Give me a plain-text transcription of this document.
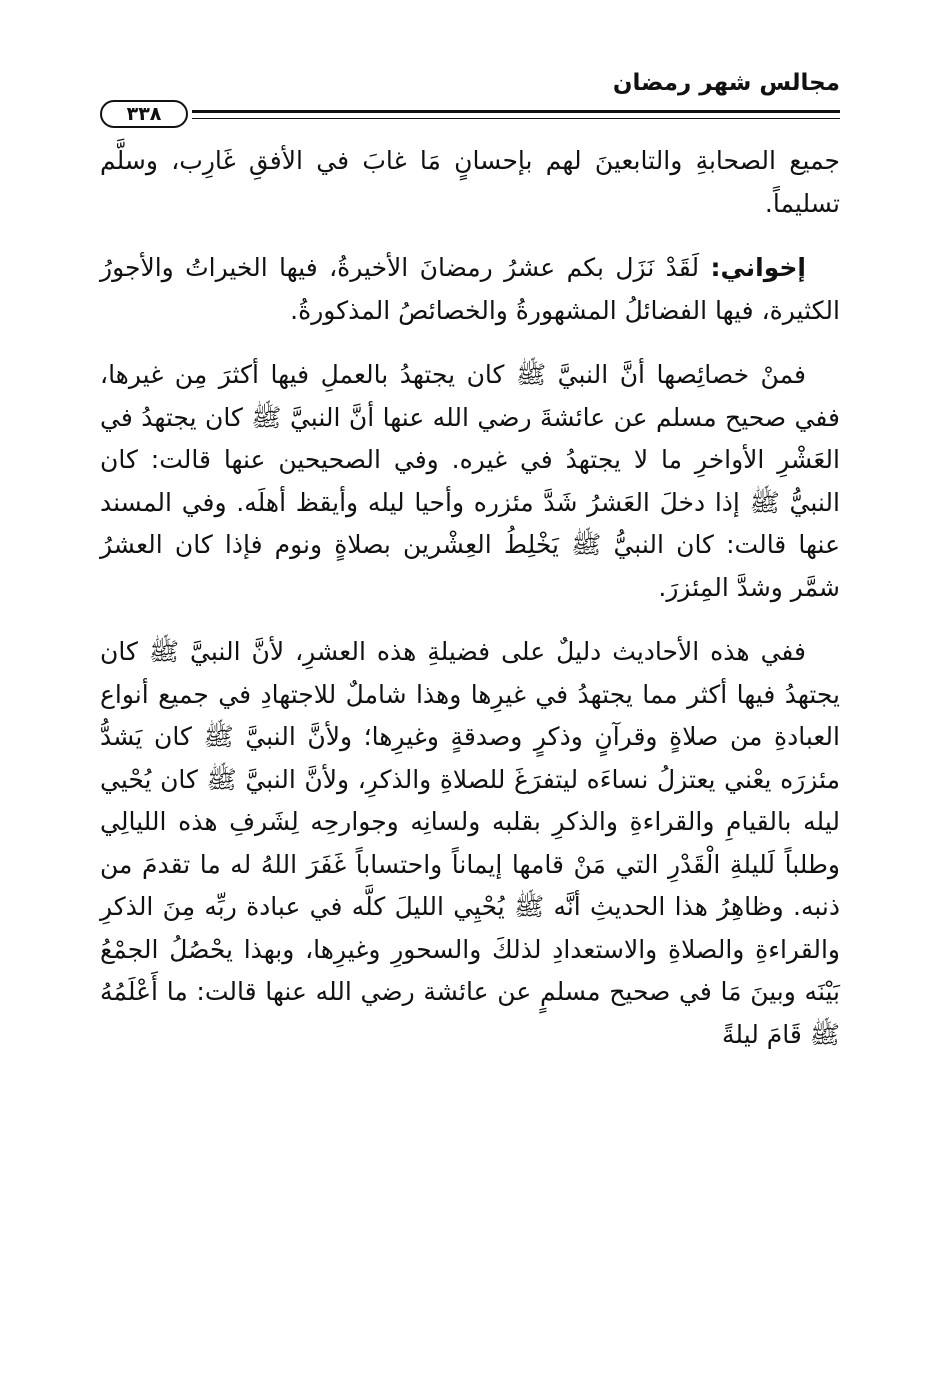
مجالس شهر رمضان
٣٣٨

جميع الصحابةِ والتابعينَ لهم بإحسانٍ مَا غابَ في الأفقِ غَارِب، وسلَّم تسليماً.

إخواني: لَقَدْ نَزَل بكم عشرُ رمضانَ الأخيرةُ، فيها الخيراتُ والأجورُ الكثيرة، فيها الفضائلُ المشهورةُ والخصائصُ المذكورةُ.

فمنْ خصائِصها أنَّ النبيَّ ﷺ كان يجتهدُ بالعملِ فيها أكثرَ مِن غيرها، ففي صحيح مسلم عن عائشةَ رضي الله عنها أنَّ النبيَّ ﷺ كان يجتهدُ في العَشْرِ الأواخرِ ما لا يجتهدُ في غيره. وفي الصحيحين عنها قالت: كان النبيُّ ﷺ إذا دخلَ العَشرُ شَدَّ مئزره وأحيا ليله وأيقظ أهلَه. وفي المسند عنها قالت: كان النبيُّ ﷺ يَخْلِطُ العِشْرين بصلاةٍ ونوم فإذا كان العشرُ شمَّر وشدَّ المِئزرَ.

ففي هذه الأحاديث دليلٌ على فضيلةِ هذه العشرِ، لأنَّ النبيَّ ﷺ كان يجتهدُ فيها أكثر مما يجتهدُ في غيرِها وهذا شاملٌ للاجتهادِ في جميع أنواع العبادةِ من صلاةٍ وقرآنٍ وذكرٍ وصدقةٍ وغيرِها؛ ولأنَّ النبيَّ ﷺ كان يَشدُّ مئزرَه يعْني يعتزلُ نساءَه ليتفرَغَ للصلاةِ والذكرِ، ولأنَّ النبيَّ ﷺ كان يُحْيي ليله بالقيامِ والقراءةِ والذكرِ بقلبه ولسانِه وجوارحِه لِشَرفِ هذه الليالِي وطلباً لَليلةِ الْقَدْرِ التي مَنْ قامها إيماناً واحتساباً غَفَرَ اللهُ له ما تقدمَ من ذنبه. وظاهِرُ هذا الحديثِ أنَّه ﷺ يُحْيِي الليلَ كلَّه في عبادة ربِّه مِنَ الذكرِ والقراءةِ والصلاةِ والاستعدادِ لذلكَ والسحورِ وغيرِها، وبهذا يحْصُلُ الجمْعُ بَيْنَه وبينَ مَا في صحيح مسلمٍ عن عائشة رضي الله عنها قالت: ما أَعْلَمُهُ ﷺ قَامَ ليلةً
